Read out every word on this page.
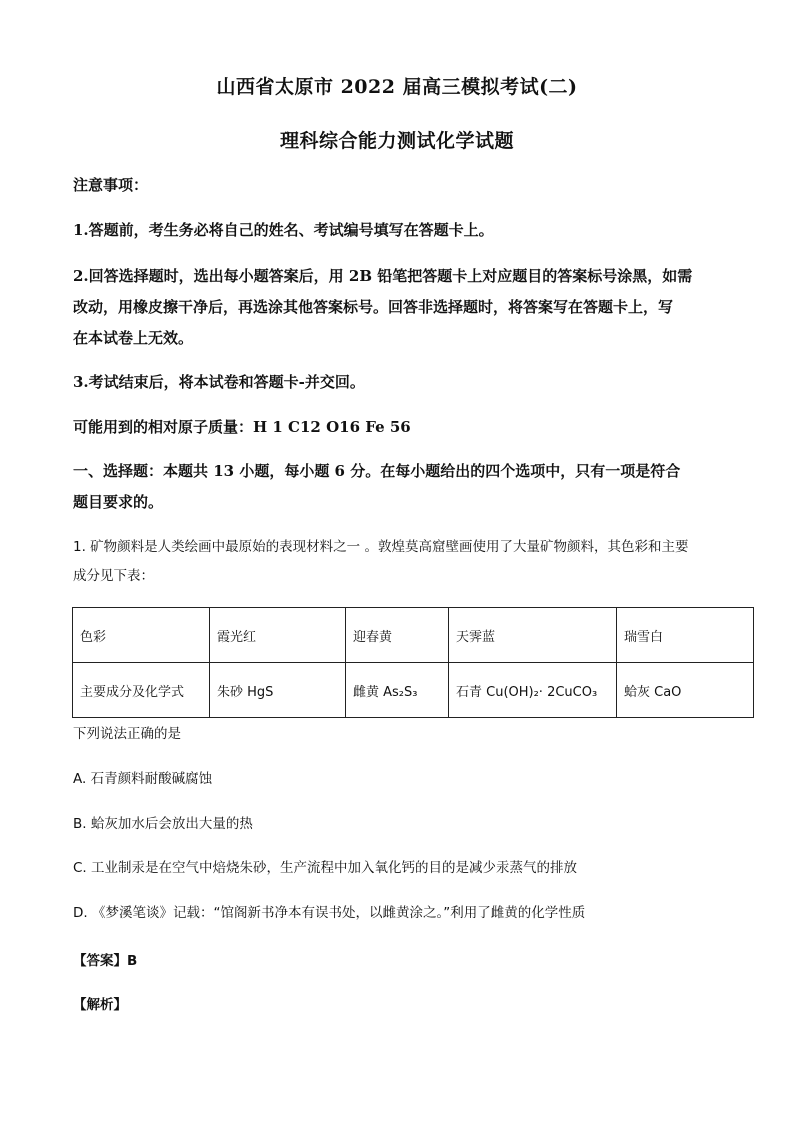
山西省太原市 2022 届高三模拟考试(二)
理科综合能力测试化学试题
注意事项：
1.答题前，考生务必将自己的姓名、考试编号填写在答题卡上。
2.回答选择题时，选出每小题答案后，用 2B 铅笔把答题卡上对应题目的答案标号涂黑，如需
改动，用橡皮擦干净后，再选涂其他答案标号。回答非选择题时，将答案写在答题卡上，写
在本试卷上无效。
3.考试结束后，将本试卷和答题卡-并交回。
可能用到的相对原子质量：H 1 C12 O16 Fe 56
一、选择题：本题共 13 小题，每小题 6 分。在每小题给出的四个选项中，只有一项是符合
题目要求的。
1. 矿物颜料是人类绘画中最原始的表现材料之一 。敦煌莫高窟壁画使用了大量矿物颜料，其色彩和主要
成分见下表：
色彩	霞光红	迎春黄	天霁蓝	瑞雪白
主要成分及化学式	朱砂 HgS	雌黄 As₂S₃	石青 Cu(OH)₂· 2CuCO₃	蛤灰 CaO
下列说法正确的是
A. 石青颜料耐酸碱腐蚀
B. 蛤灰加水后会放出大量的热
C. 工业制汞是在空气中焙烧朱砂，生产流程中加入氧化钙的目的是减少汞蒸气的排放
D. 《梦溪笔谈》记载：“馆阁新书净本有误书处，以雌黄涂之。”利用了雌黄的化学性质
【答案】B
【解析】
